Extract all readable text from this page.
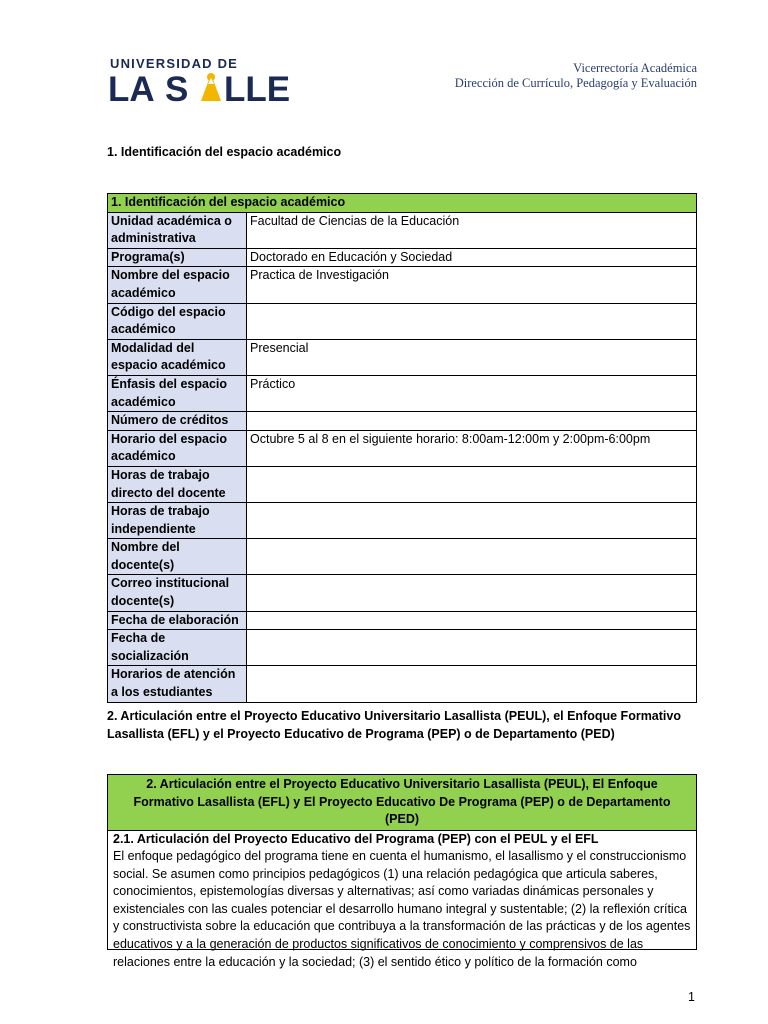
UNIVERSIDAD DE
LA S LLE
Vicerrectoría Académica
Dirección de Currículo, Pedagogía y Evaluación
1. Identificación del espacio académico
1. Identificación del espacio académico	
Unidad académica o administrativa	Facultad de Ciencias de la Educación
Programa(s)	Doctorado en Educación y Sociedad
Nombre del espacio académico	Practica de Investigación
Código del espacio académico	
Modalidad del espacio académico	Presencial
Énfasis del espacio académico	Práctico
Número de créditos	
Horario del espacio académico	Octubre 5 al 8 en el siguiente horario: 8:00am-12:00m y 2:00pm-6:00pm
Horas de trabajo directo del docente	
Horas de trabajo independiente	
Nombre del docente(s)	
Correo institucional docente(s)	
Fecha de elaboración	
Fecha de socialización	
Horarios de atención a los estudiantes	
2. Articulación entre el Proyecto Educativo Universitario Lasallista (PEUL), el Enfoque Formativo Lasallista (EFL) y el Proyecto Educativo de Programa (PEP) o de Departamento (PED)
2. Articulación entre el Proyecto Educativo Universitario Lasallista (PEUL), El Enfoque Formativo Lasallista (EFL) y El Proyecto Educativo De Programa (PEP) o de Departamento (PED)
2.1. Articulación del Proyecto Educativo del Programa (PEP) con el PEUL y el EFL
El enfoque pedagógico del programa tiene en cuenta el humanismo, el lasallismo y el construccionismo social. Se asumen como principios pedagógicos (1) una relación pedagógica que articula saberes, conocimientos, epistemologías diversas y alternativas; así como variadas dinámicas personales y existenciales con las cuales potenciar el desarrollo humano integral y sustentable; (2) la reflexión crítica y constructivista sobre la educación que contribuya a la transformación de las prácticas y de los agentes educativos y a la generación de productos significativos de conocimiento y comprensivos de las relaciones entre la educación y la sociedad; (3) el sentido ético y político de la formación como
1
